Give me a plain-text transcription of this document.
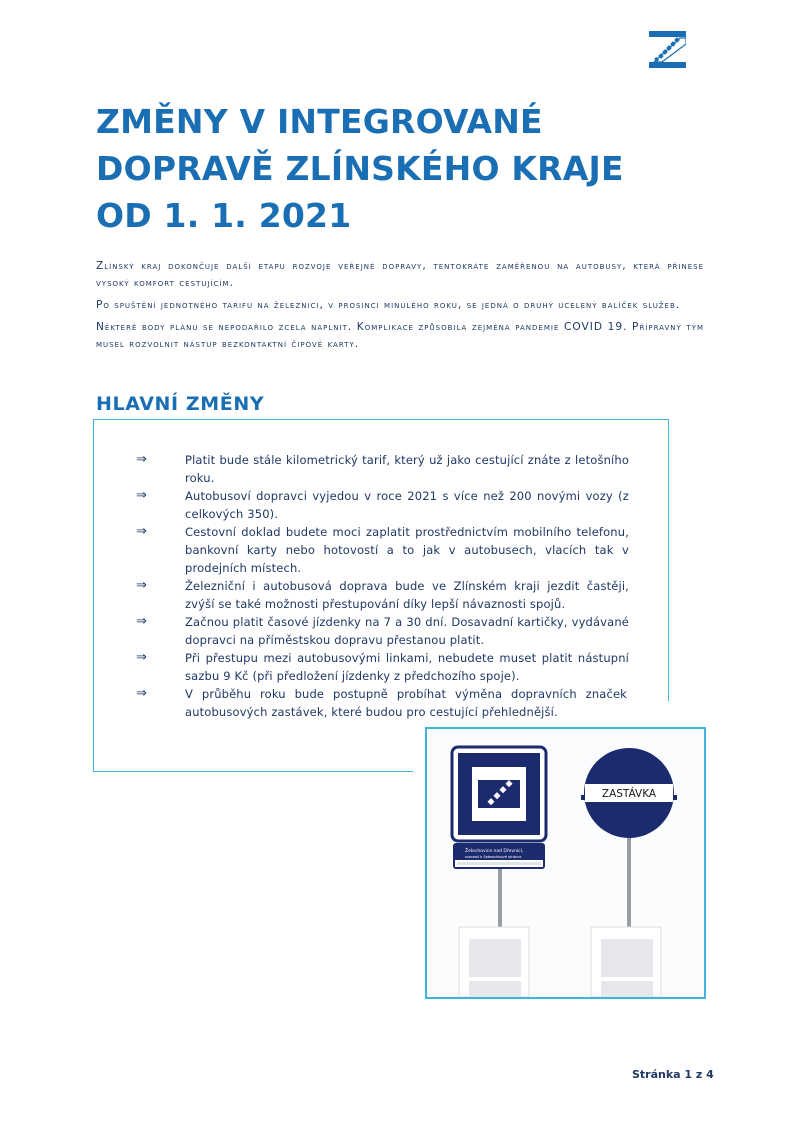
ZMĚNY V INTEGROVANÉ
DOPRAVĚ ZLÍNSKÉHO KRAJE
OD 1. 1. 2021

Zlínský kraj dokončuje další etapu rozvoje veřejné dopravy, tentokráte zaměřenou na autobusy, která přinese vysoký komfort cestujícím.

Po spuštění jednotného tarifu na železnici, v prosinci minulého roku, se jedná o druhý ucelený balíček služeb.

Některé body plánu se nepodařilo zcela naplnit. Komplikace způsobila zejména pandemie COVID 19. Přípravný tým musel rozvolnit nástup bezkontaktní čipové karty.

HLAVNÍ ZMĚNY
⇒	Platit bude stále kilometrický tarif, který už jako cestující znáte z letošního roku.
⇒	Autobusoví dopravci vyjedou v roce 2021 s více než 200 novými vozy (z celkových 350).
⇒	Cestovní doklad budete moci zaplatit prostřednictvím mobilního telefonu, bankovní karty nebo hotovostí a to jak v autobusech, vlacích tak v prodejních místech.
⇒	Železniční i autobusová doprava bude ve Zlínském kraji jezdit častěji, zvýší se také možnosti přestupování díky lepší návaznosti spojů.
⇒	Začnou platit časové jízdenky na 7 a 30 dní. Dosavadní kartičky, vydávané dopravci na příměstskou dopravu přestanou platit.
⇒	Při přestupu mezi autobusovými linkami, nebudete muset platit nástupní sazbu 9 Kč (při předložení jízdenky z předchozího spoje).
⇒	V průběhu roku bude postupně probíhat výměna dopravních značek autobusových zastávek, které budou pro cestující přehlednější.
Želechovice nad Dřevnicí,
rozcestí k Sebeschkové stránce
ZASTÁVKA
Stránka 1 z 4
